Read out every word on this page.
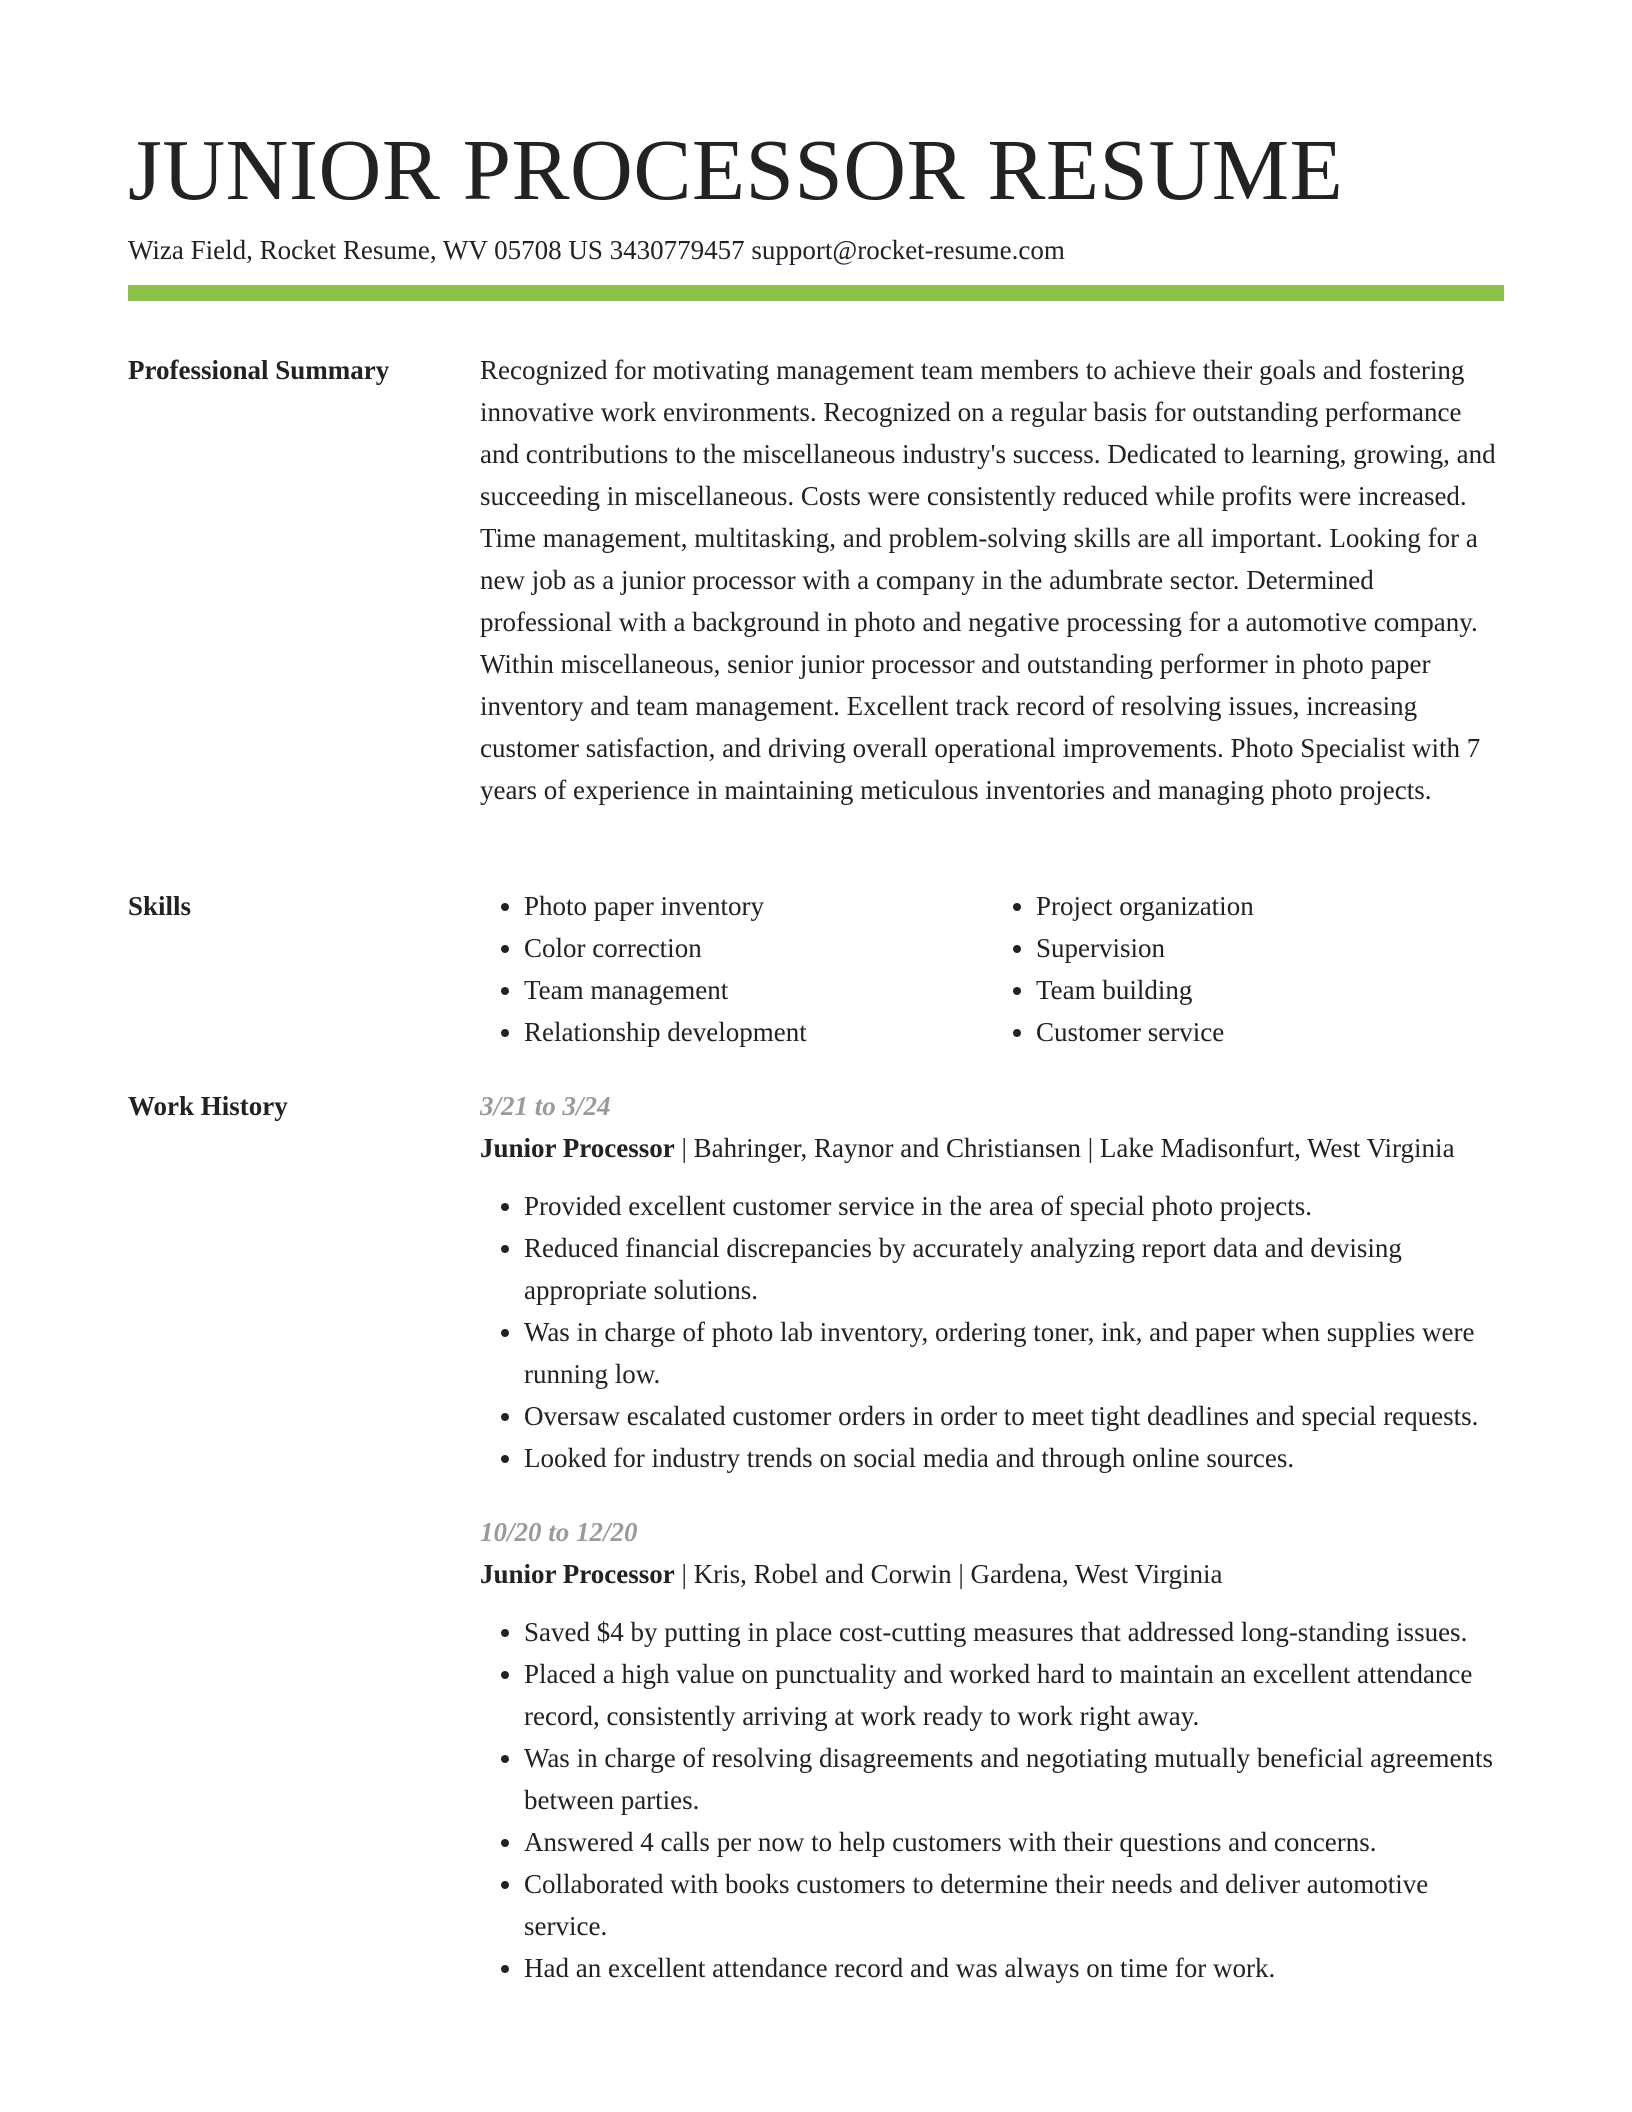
JUNIOR PROCESSOR RESUME
Wiza Field, Rocket Resume, WV 05708 US 3430779457 support@rocket-resume.com
Professional Summary	Recognized for motivating management team members to achieve their goals and fostering innovative work environments. Recognized on a regular basis for outstanding performance and contributions to the miscellaneous industry's success. Dedicated to learning, growing, and succeeding in miscellaneous. Costs were consistently reduced while profits were increased. Time management, multitasking, and problem-solving skills are all important. Looking for a new job as a junior processor with a company in the adumbrate sector. Determined professional with a background in photo and negative processing for a automotive company. Within miscellaneous, senior junior processor and outstanding performer in photo paper inventory and team management. Excellent track record of resolving issues, increasing customer satisfaction, and driving overall operational improvements. Photo Specialist with 7 years of experience in maintaining meticulous inventories and managing photo projects.

Skills
•	Photo paper inventory
• Color correction
• Team management
• Relationship development
• Project organization
• Supervision
• Team building
• Customer service
Work History	3/21 to 3/24
Junior Processor | Bahringer, Raynor and Christiansen | Lake Madisonfurt, West Virginia
• Provided excellent customer service in the area of special photo projects.
• Reduced financial discrepancies by accurately analyzing report data and devising appropriate solutions.
• Was in charge of photo lab inventory, ordering toner, ink, and paper when supplies were running low.
• Oversaw escalated customer orders in order to meet tight deadlines and special requests.
• Looked for industry trends on social media and through online sources.
10/20 to 12/20
Junior Processor | Kris, Robel and Corwin | Gardena, West Virginia
• Saved $4 by putting in place cost-cutting measures that addressed long-standing issues.
• Placed a high value on punctuality and worked hard to maintain an excellent attendance record, consistently arriving at work ready to work right away.
• Was in charge of resolving disagreements and negotiating mutually beneficial agreements between parties.
• Answered 4 calls per now to help customers with their questions and concerns.
• Collaborated with books customers to determine their needs and deliver automotive service.
• Had an excellent attendance record and was always on time for work.
